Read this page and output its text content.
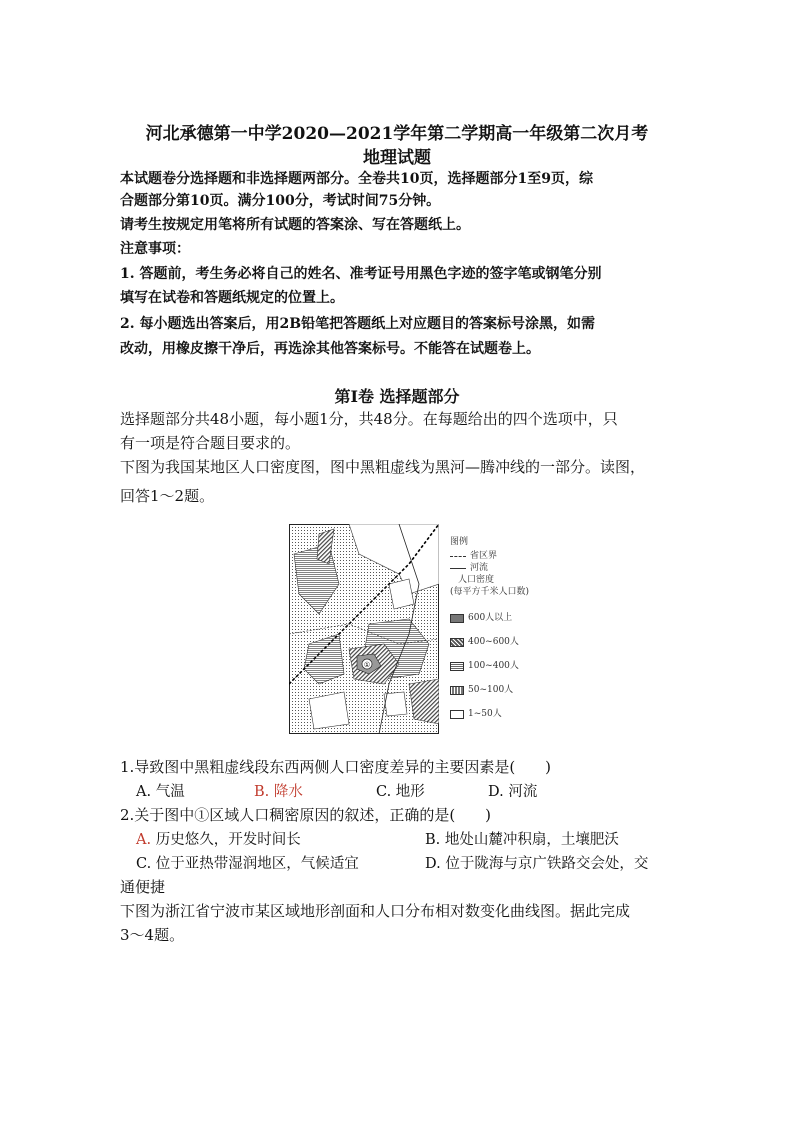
河北承德第一中学2020—2021学年第二学期高一年级第二次月考
地理试题
本试题卷分选择题和非选择题两部分。全卷共10页，选择题部分1至9页，综
合题部分第10页。满分100分，考试时间75分钟。
请考生按规定用笔将所有试题的答案涂、写在答题纸上。
注意事项：
1. 答题前，考生务必将自己的姓名、准考证号用黑色字迹的签字笔或钢笔分别
填写在试卷和答题纸规定的位置上。
2. 每小题选出答案后，用2B铅笔把答题纸上对应题目的答案标号涂黑，如需
改动，用橡皮擦干净后，再选涂其他答案标号。不能答在试题卷上。
第Ⅰ卷 选择题部分
选择题部分共48小题，每小题1分，共48分。在每题给出的四个选项中，只
有一项是符合题目要求的。
下图为我国某地区人口密度图，图中黑粗虚线为黑河—腾冲线的一部分。读图，
回答1～2题。
①
图例
省区界
河流
人口密度
(每平方千米人口数)
600人以上
400~600人
100~400人
50~100人
1~50人
1.导致图中黑粗虚线段东西两侧人口密度差异的主要因素是(　　)
A. 气温	B. 降水	C. 地形	D. 河流
2.关于图中①区域人口稠密原因的叙述，正确的是(　　)
A. 历史悠久，开发时间长	B. 地处山麓冲积扇，土壤肥沃
C. 位于亚热带湿润地区，气候适宜	D. 位于陇海与京广铁路交会处，交
通便捷
下图为浙江省宁波市某区域地形剖面和人口分布相对数变化曲线图。据此完成
3～4题。
